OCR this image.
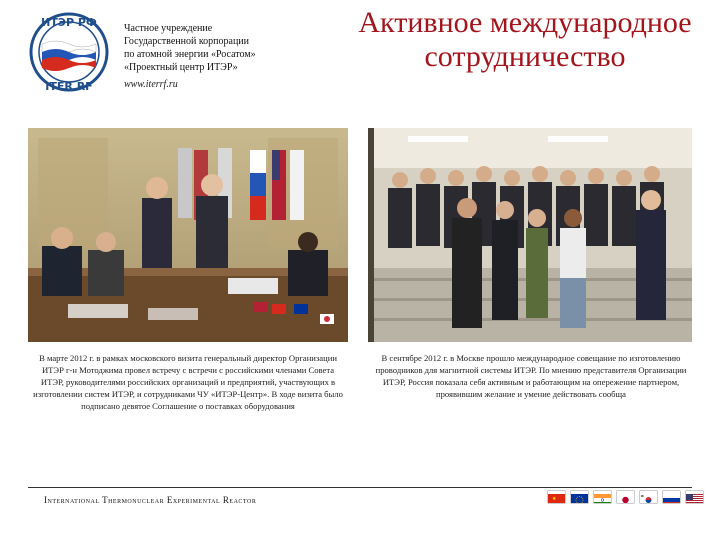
ИТЭР РФ
ITER RF
Частное учреждение
Государственной корпорации
по атомной энергии «Росатом»
«Проектный центр ИТЭР»
www.iterrf.ru
Активное международное
сотрудничество
В марте 2012 г. в рамках московского визита генеральный директор Организации ИТЭР г-н Мотоджима провел встречу с встречи с российскими членами Совета ИТЭР, руководителями российских организаций и предприятий, участвующих в изготовлении систем ИТЭР, и сотрудниками ЧУ «ИТЭР-Центр». В ходе визита было подписано девятое Соглашение о поставках оборудования
В сентябре 2012 г. в Москве прошло международное совещание по изготовлению проводников для магнитной системы ИТЭР. По мнению представителя Организации ИТЭР, Россия показала себя активным и работающим на опережение партнером, проявившим желание и умение действовать сообща
International Thermonuclear Experimental Reactor	★
